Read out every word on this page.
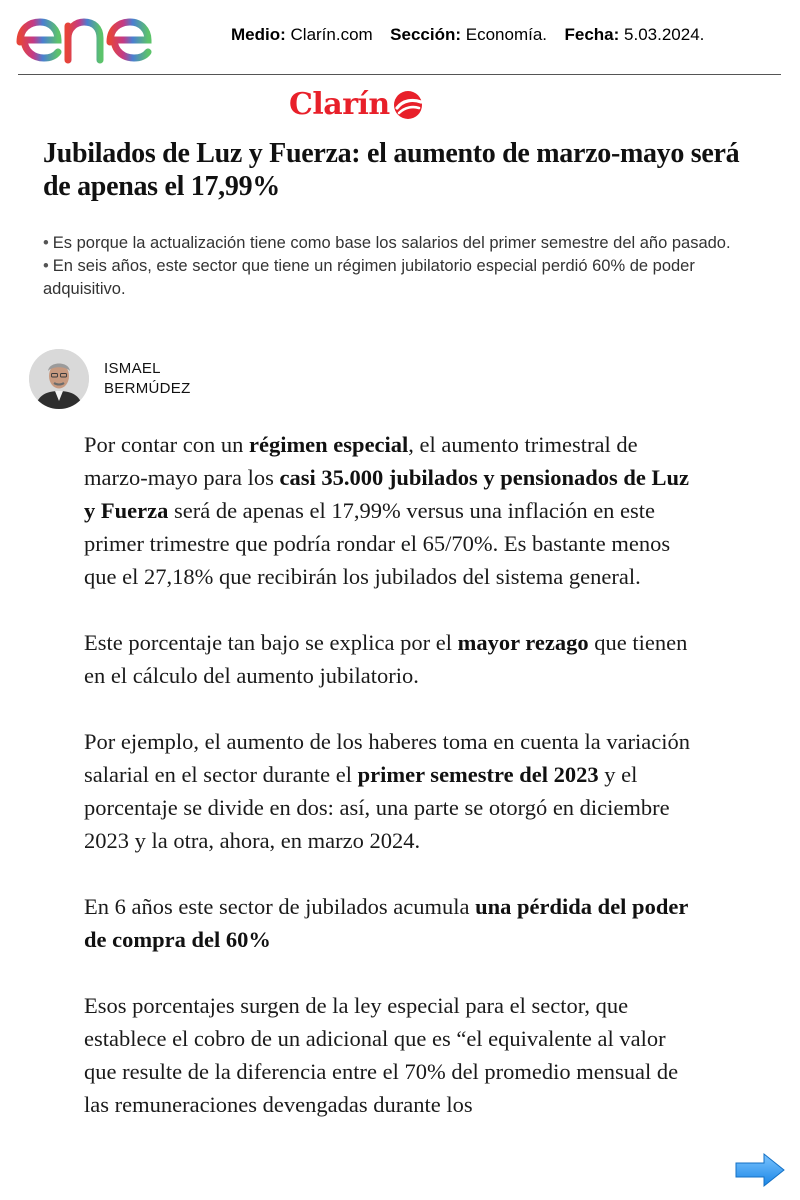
Medio: Clarín.com Sección: Economía. Fecha: 5.03.2024.
Clarín
Jubilados de Luz y Fuerza: el aumento de marzo-mayo será de apenas el 17,99%
• Es porque la actualización tiene como base los salarios del primer semestre del año pasado.
• En seis años, este sector que tiene un régimen jubilatorio especial perdió 60% de poder adquisitivo.
ISMAEL
BERMÚDEZ

Por contar con un régimen especial, el aumento trimestral de marzo-mayo para los casi 35.000 jubilados y pensionados de Luz y Fuerza será de apenas el 17,99% versus una inflación en este primer trimestre que podría rondar el 65/70%. Es bastante menos que el 27,18% que recibirán los jubilados del sistema general.

Este porcentaje tan bajo se explica por el mayor rezago que tienen en el cálculo del aumento jubilatorio.

Por ejemplo, el aumento de los haberes toma en cuenta la variación salarial en el sector durante el primer semestre del 2023 y el porcentaje se divide en dos: así, una parte se otorgó en diciembre 2023 y la otra, ahora, en marzo 2024.

En 6 años este sector de jubilados acumula una pérdida del poder de compra del 60%

Esos porcentajes surgen de la ley especial para el sector, que establece el cobro de un adicional que es “el equivalente al valor que resulte de la diferencia entre el 70% del promedio mensual de las remuneraciones devengadas durante los
